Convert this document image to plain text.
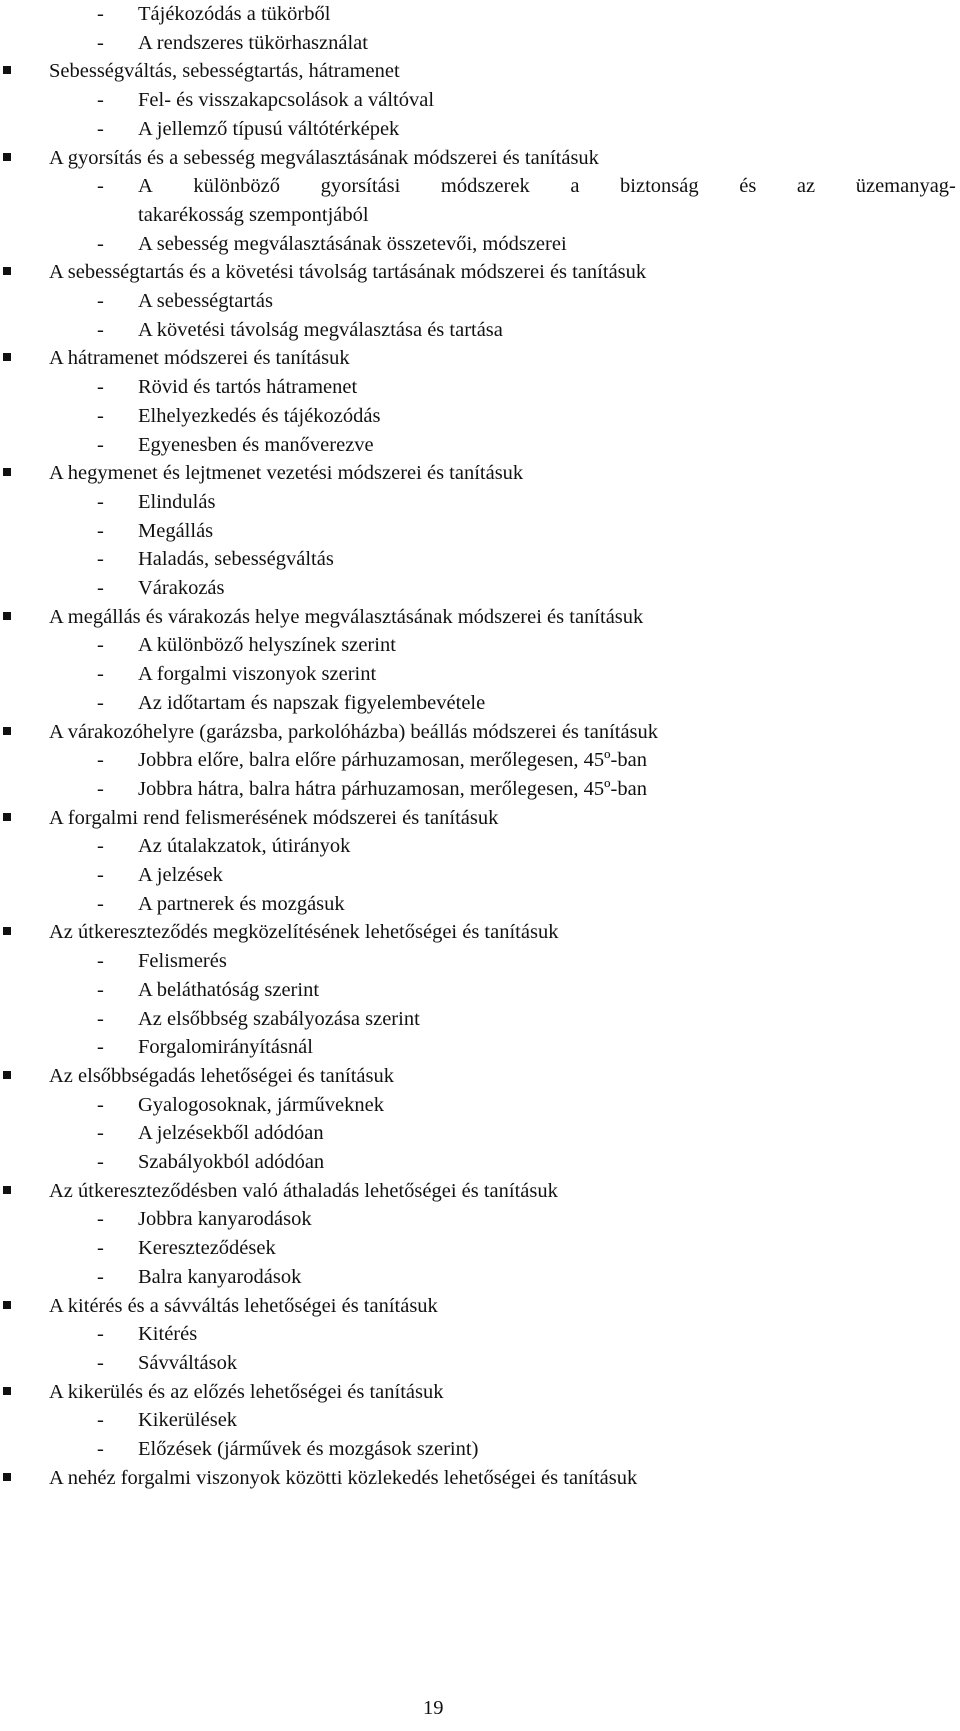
- Tájékozódás a tükörből
- A rendszeres tükörhasználat
Sebességváltás, sebességtartás, hátramenet
- Fel- és visszakapcsolások a váltóval
- A jellemző típusú váltótérképek
A gyorsítás és a sebesség megválasztásának módszerei és tanításuk
- A különböző gyorsítási módszerek a biztonság és az üzemanyag-
takarékosság szempontjából
- A sebesség megválasztásának összetevői, módszerei
A sebességtartás és a követési távolság tartásának módszerei és tanításuk
- A sebességtartás
- A követési távolság megválasztása és tartása
A hátramenet módszerei és tanításuk
- Rövid és tartós hátramenet
- Elhelyezkedés és tájékozódás
- Egyenesben és manőverezve
A hegymenet és lejtmenet vezetési módszerei és tanításuk
- Elindulás
- Megállás
- Haladás, sebességváltás
- Várakozás
A megállás és várakozás helye megválasztásának módszerei és tanításuk
- A különböző helyszínek szerint
- A forgalmi viszonyok szerint
- Az időtartam és napszak figyelembevétele
A várakozóhelyre (garázsba, parkolóházba) beállás módszerei és tanításuk
- Jobbra előre, balra előre párhuzamosan, merőlegesen, 45º-ban
- Jobbra hátra, balra hátra párhuzamosan, merőlegesen, 45º-ban
A forgalmi rend felismerésének módszerei és tanításuk
- Az útalakzatok, útirányok
- A jelzések
- A partnerek és mozgásuk
Az útkereszteződés megközelítésének lehetőségei és tanításuk
- Felismerés
- A beláthatóság szerint
- Az elsőbbség szabályozása szerint
- Forgalomirányításnál
Az elsőbbségadás lehetőségei és tanításuk
- Gyalogosoknak, járműveknek
- A jelzésekből adódóan
- Szabályokból adódóan
Az útkereszteződésben való áthaladás lehetőségei és tanításuk
- Jobbra kanyarodások
- Kereszteződések
- Balra kanyarodások
A kitérés és a sávváltás lehetőségei és tanításuk
- Kitérés
- Sávváltások
A kikerülés és az előzés lehetőségei és tanításuk
- Kikerülések
- Előzések (járművek és mozgások szerint)
A nehéz forgalmi viszonyok közötti közlekedés lehetőségei és tanításuk
19
